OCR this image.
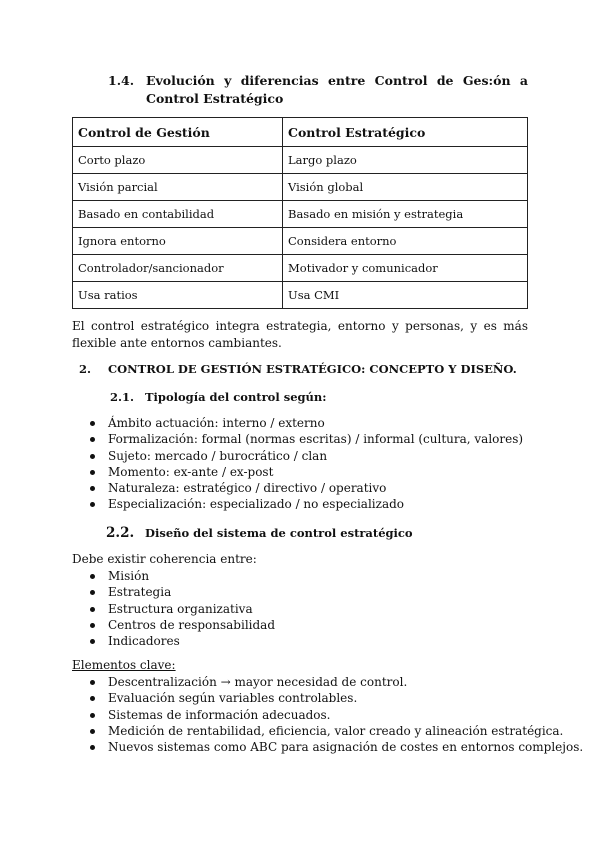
1.4. Evolución y diferencias entre Control de Ges:ón a Control Estratégico
Control de Gestión	Control Estratégico
Corto plazo	Largo plazo
Visión parcial	Visión global
Basado en contabilidad	Basado en misión y estrategia
Ignora entorno	Considera entorno
Controlador/sancionador	Motivador y comunicador
Usa ratios	Usa CMI
El control estratégico integra estrategia, entorno y personas, y es más flexible ante entornos cambiantes.
2. CONTROL DE GESTIÓN ESTRATÉGICO: CONCEPTO Y DISEÑO.
2.1. Tipología del control según:
Ámbito actuación: interno / externo
Formalización: formal (normas escritas) / informal (cultura, valores)
Sujeto: mercado / burocrático / clan
Momento: ex-ante / ex-post
Naturaleza: estratégico / directivo / operativo
Especialización: especializado / no especializado
2.2. Diseño del sistema de control estratégico
Debe existir coherencia entre:
Misión
Estrategia
Estructura organizativa
Centros de responsabilidad
Indicadores
Elementos clave:
Descentralización → mayor necesidad de control.
Evaluación según variables controlables.
Sistemas de información adecuados.
Medición de rentabilidad, eficiencia, valor creado y alineación estratégica.
Nuevos sistemas como ABC para asignación de costes en entornos complejos.
